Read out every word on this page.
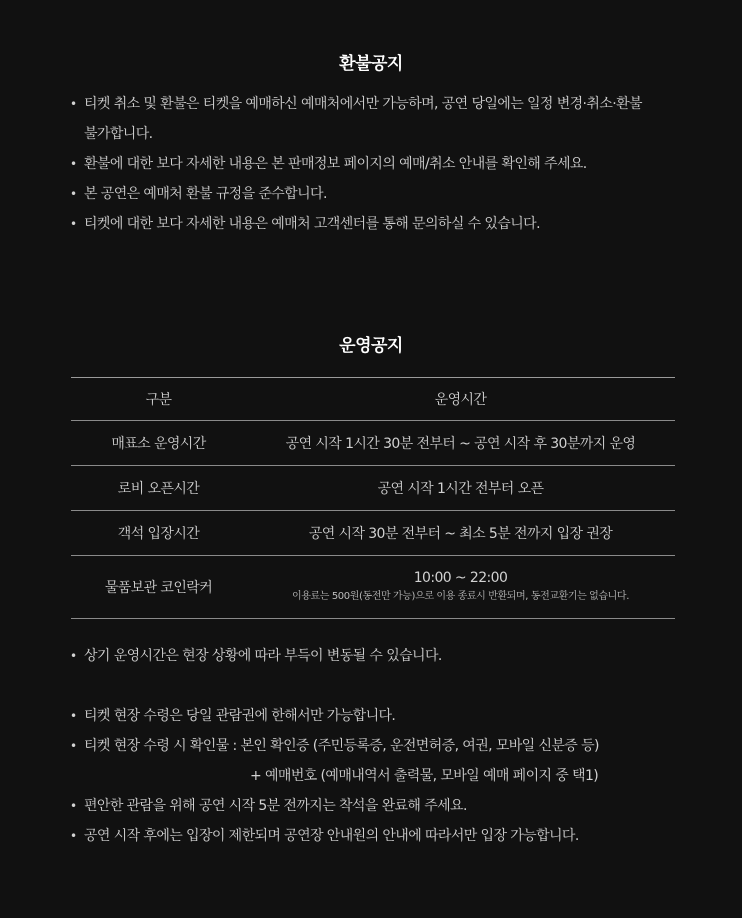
환불공지
• 티켓 취소 및 환불은 티켓을 예매하신 예매처에서만 가능하며, 공연 당일에는 일정 변경·취소·환불
불가합니다.
• 환불에 대한 보다 자세한 내용은 본 판매정보 페이지의 예매/취소 안내를 확인해 주세요.
• 본 공연은 예매처 환불 규정을 준수합니다.
• 티켓에 대한 보다 자세한 내용은 예매처 고객센터를 통해 문의하실 수 있습니다.
운영공지
구분	운영시간
매표소 운영시간	공연 시작 1시간 30분 전부터 ~ 공연 시작 후 30분까지 운영
로비 오픈시간	공연 시작 1시간 전부터 오픈
객석 입장시간	공연 시작 30분 전부터 ~ 최소 5분 전까지 입장 권장
물품보관 코인락커	10:00 ~ 22:00
이용료는 500원(동전만 가능)으로 이용 종료시 반환되며, 동전교환기는 없습니다.
• 상기 운영시간은 현장 상황에 따라 부득이 변동될 수 있습니다.
• 티켓 현장 수령은 당일 관람권에 한해서만 가능합니다.
• 티켓 현장 수령 시 확인물 : 본인 확인증 (주민등록증, 운전면허증, 여권, 모바일 신분증 등)
+ 예매번호 (예매내역서 출력물, 모바일 예매 페이지 중 택1)
• 편안한 관람을 위해 공연 시작 5분 전까지는 착석을 완료해 주세요.
• 공연 시작 후에는 입장이 제한되며 공연장 안내원의 안내에 따라서만 입장 가능합니다.
